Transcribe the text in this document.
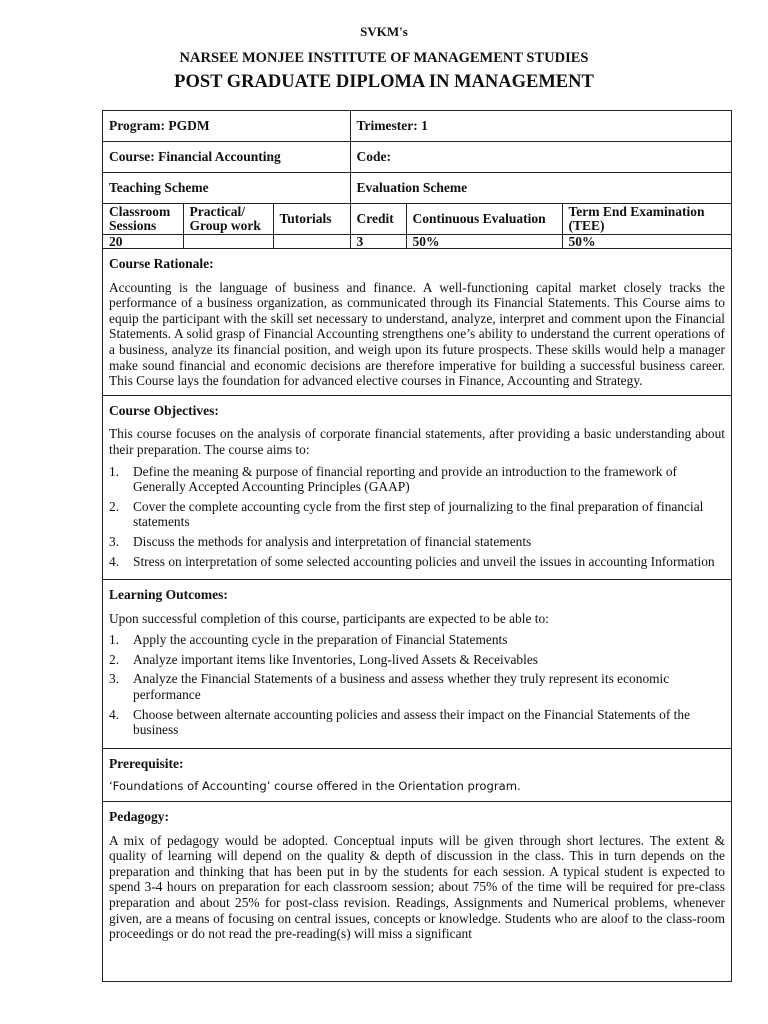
SVKM's
NARSEE MONJEE INSTITUTE OF MANAGEMENT STUDIES
POST GRADUATE DIPLOMA IN MANAGEMENT
Program: PGDM			Trimester: 1		
Course: Financial Accounting			Code:		
Teaching Scheme			Evaluation Scheme		
Classroom Sessions	Practical/ Group work	Tutorials	Credit	Continuous Evaluation	Term End Examination (TEE)
20			3	50%	50%
Course Rationale:

Accounting is the language of business and finance. A well-functioning capital market closely tracks the performance of a business organization, as communicated through its Financial Statements. This Course aims to equip the participant with the skill set necessary to understand, analyze, interpret and comment upon the Financial Statements. A solid grasp of Financial Accounting strengthens one’s ability to understand the current operations of a business, analyze its financial position, and weigh upon its future prospects. These skills would help a manager make sound financial and economic decisions are therefore imperative for building a successful business career. This Course lays the foundation for advanced elective courses in Finance, Accounting and Strategy.

Course Objectives:

This course focuses on the analysis of corporate financial statements, after providing a basic understanding about their preparation. The course aims to:

1.	Define the meaning & purpose of financial reporting and provide an introduction to the framework of Generally Accepted Accounting Principles (GAAP)
2.	Cover the complete accounting cycle from the first step of journalizing to the final preparation of financial statements
3.	Discuss the methods for analysis and interpretation of financial statements
4.	Stress on interpretation of some selected accounting policies and unveil the issues in accounting Information
Learning Outcomes:

Upon successful completion of this course, participants are expected to be able to:

1.	Apply the accounting cycle in the preparation of Financial Statements
2.	Analyze important items like Inventories, Long-lived Assets & Receivables
3.	Analyze the Financial Statements of a business and assess whether they truly represent its economic performance
4.	Choose between alternate accounting policies and assess their impact on the Financial Statements of the business
Prerequisite:

‘Foundations of Accounting’ course offered in the Orientation program.

Pedagogy:

A mix of pedagogy would be adopted. Conceptual inputs will be given through short lectures. The extent & quality of learning will depend on the quality & depth of discussion in the class. This in turn depends on the preparation and thinking that has been put in by the students for each session. A typical student is expected to spend 3-4 hours on preparation for each classroom session; about 75% of the time will be required for pre-class preparation and about 25% for post-class revision. Readings, Assignments and Numerical problems, whenever given, are a means of focusing on central issues, concepts or knowledge. Students who are aloof to the class-room proceedings or do not read the pre-reading(s) will miss a significant
